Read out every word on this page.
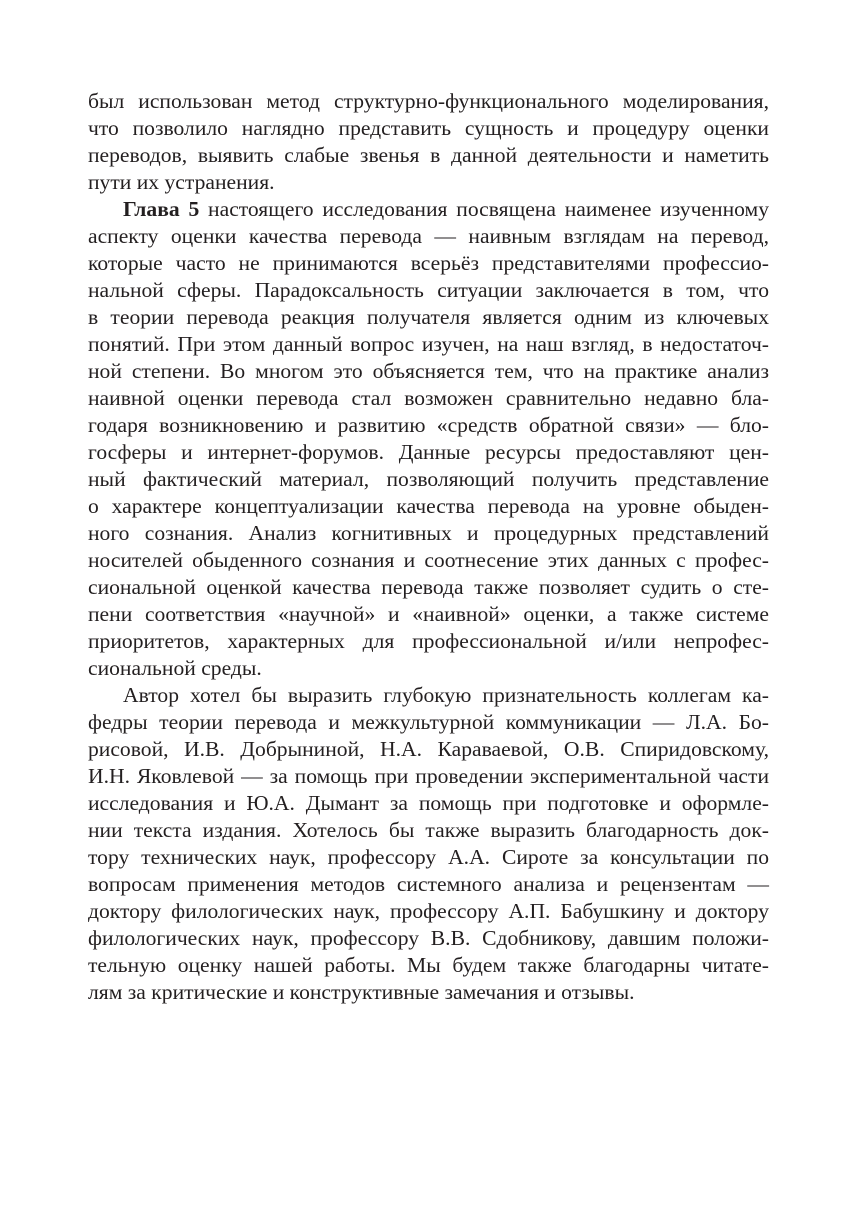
был использован метод структурно-функционального моделирования,
что позволило наглядно представить сущность и процедуру оценки
переводов, выявить слабые звенья в данной деятельности и наметить
пути их устранения.
Глава 5 настоящего исследования посвящена наименее изученному
аспекту оценки качества перевода — наивным взглядам на перевод,
которые часто не принимаются всерьёз представителями профессио-
нальной сферы. Парадоксальность ситуации заключается в том, что
в теории перевода реакция получателя является одним из ключевых
понятий. При этом данный вопрос изучен, на наш взгляд, в недостаточ-
ной степени. Во многом это объясняется тем, что на практике анализ
наивной оценки перевода стал возможен сравнительно недавно бла-
годаря возникновению и развитию «средств обратной связи» — бло-
госферы и интернет-форумов. Данные ресурсы предоставляют цен-
ный фактический материал, позволяющий получить представление
о характере концептуализации качества перевода на уровне обыден-
ного сознания. Анализ когнитивных и процедурных представлений
носителей обыденного сознания и соотнесение этих данных с профес-
сиональной оценкой качества перевода также позволяет судить о сте-
пени соответствия «научной» и «наивной» оценки, а также системе
приоритетов, характерных для профессиональной и/или непрофес-
сиональной среды.
Автор хотел бы выразить глубокую признательность коллегам ка-
федры теории перевода и межкультурной коммуникации — Л.А. Бо-
рисовой, И.В. Добрыниной, Н.А. Караваевой, О.В. Спиридовскому,
И.Н. Яковлевой — за помощь при проведении экспериментальной части
исследования и Ю.А. Дымант за помощь при подготовке и оформле-
нии текста издания. Хотелось бы также выразить благодарность док-
тору технических наук, профессору А.А. Сироте за консультации по
вопросам применения методов системного анализа и рецензентам —
доктору филологических наук, профессору А.П. Бабушкину и доктору
филологических наук, профессору В.В. Сдобникову, давшим положи-
тельную оценку нашей работы. Мы будем также благодарны читате-
лям за критические и конструктивные замечания и отзывы.
